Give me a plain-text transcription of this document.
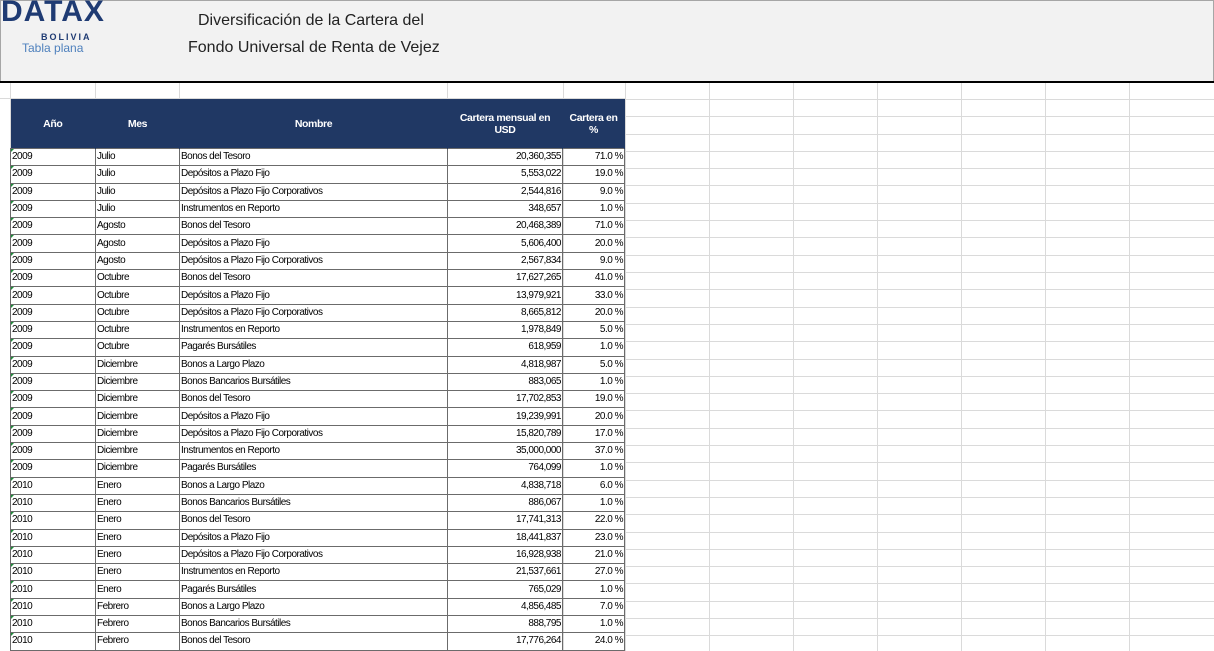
DATAX
BOLIVIA
Tabla plana
Diversificación de la Cartera del
Fondo Universal de Renta de Vejez
Año	Mes	Nombre	Cartera mensual en USD	Cartera en %
2009	Julio	Bonos del Tesoro	20,360,355	71.0 %
2009	Julio	Depósitos a Plazo Fijo	5,553,022	19.0 %
2009	Julio	Depósitos a Plazo Fijo Corporativos	2,544,816	9.0 %
2009	Julio	Instrumentos en Reporto	348,657	1.0 %
2009	Agosto	Bonos del Tesoro	20,468,389	71.0 %
2009	Agosto	Depósitos a Plazo Fijo	5,606,400	20.0 %
2009	Agosto	Depósitos a Plazo Fijo Corporativos	2,567,834	9.0 %
2009	Octubre	Bonos del Tesoro	17,627,265	41.0 %
2009	Octubre	Depósitos a Plazo Fijo	13,979,921	33.0 %
2009	Octubre	Depósitos a Plazo Fijo Corporativos	8,665,812	20.0 %
2009	Octubre	Instrumentos en Reporto	1,978,849	5.0 %
2009	Octubre	Pagarés Bursátiles	618,959	1.0 %
2009	Diciembre	Bonos a Largo Plazo	4,818,987	5.0 %
2009	Diciembre	Bonos Bancarios Bursátiles	883,065	1.0 %
2009	Diciembre	Bonos del Tesoro	17,702,853	19.0 %
2009	Diciembre	Depósitos a Plazo Fijo	19,239,991	20.0 %
2009	Diciembre	Depósitos a Plazo Fijo Corporativos	15,820,789	17.0 %
2009	Diciembre	Instrumentos en Reporto	35,000,000	37.0 %
2009	Diciembre	Pagarés Bursátiles	764,099	1.0 %
2010	Enero	Bonos a Largo Plazo	4,838,718	6.0 %
2010	Enero	Bonos Bancarios Bursátiles	886,067	1.0 %
2010	Enero	Bonos del Tesoro	17,741,313	22.0 %
2010	Enero	Depósitos a Plazo Fijo	18,441,837	23.0 %
2010	Enero	Depósitos a Plazo Fijo Corporativos	16,928,938	21.0 %
2010	Enero	Instrumentos en Reporto	21,537,661	27.0 %
2010	Enero	Pagarés Bursátiles	765,029	1.0 %
2010	Febrero	Bonos a Largo Plazo	4,856,485	7.0 %
2010	Febrero	Bonos Bancarios Bursátiles	888,795	1.0 %
2010	Febrero	Bonos del Tesoro	17,776,264	24.0 %
